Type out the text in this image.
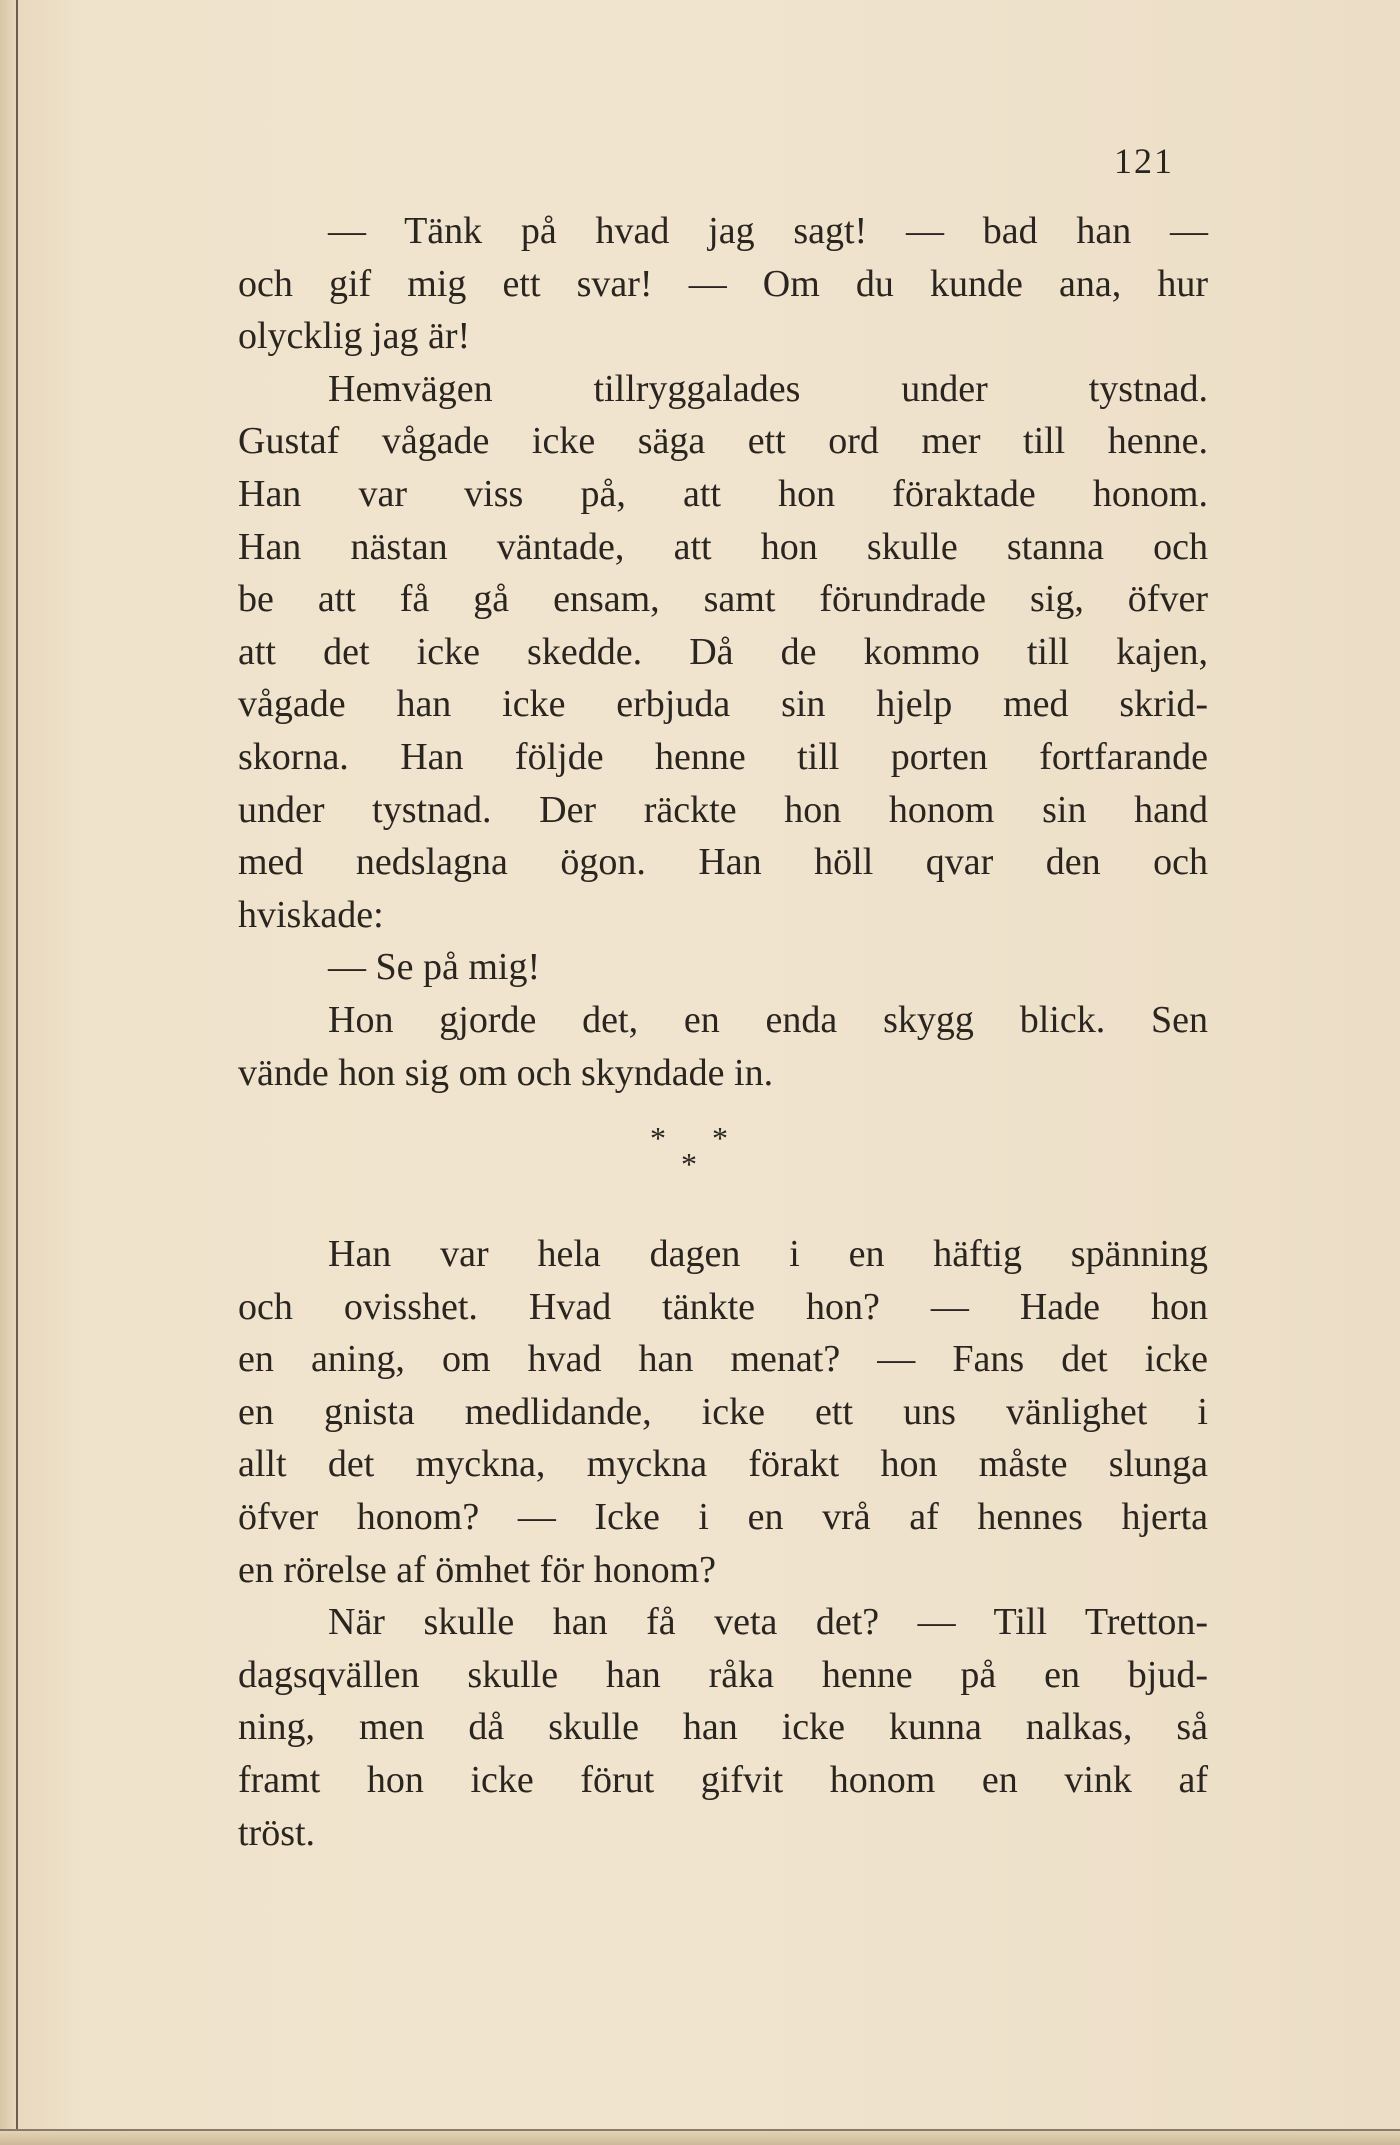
121

— Tänk på hvad jag sagt! — bad han —

och gif mig ett svar! — Om du kunde ana, hur

olycklig jag är!

Hemvägen tillryggalades under tystnad.

Gustaf vågade icke säga ett ord mer till henne.

Han var viss på, att hon föraktade honom.

Han nästan väntade, att hon skulle stanna och

be att få gå ensam, samt förundrade sig, öfver

att det icke skedde. Då de kommo till kajen,

vågade han icke erbjuda sin hjelp med skrid-

skorna. Han följde henne till porten fortfarande

under tystnad. Der räckte hon honom sin hand

med nedslagna ögon. Han höll qvar den och

hviskade:

— Se på mig!

Hon gjorde det, en enda skygg blick. Sen

vände hon sig om och skyndade in.

* *
*

Han var hela dagen i en häftig spänning

och ovisshet. Hvad tänkte hon? — Hade hon

en aning, om hvad han menat? — Fans det icke

en gnista medlidande, icke ett uns vänlighet i

allt det myckna, myckna förakt hon måste slunga

öfver honom? — Icke i en vrå af hennes hjerta

en rörelse af ömhet för honom?

När skulle han få veta det? — Till Tretton-

dagsqvällen skulle han råka henne på en bjud-

ning, men då skulle han icke kunna nalkas, så

framt hon icke förut gifvit honom en vink af

tröst.
